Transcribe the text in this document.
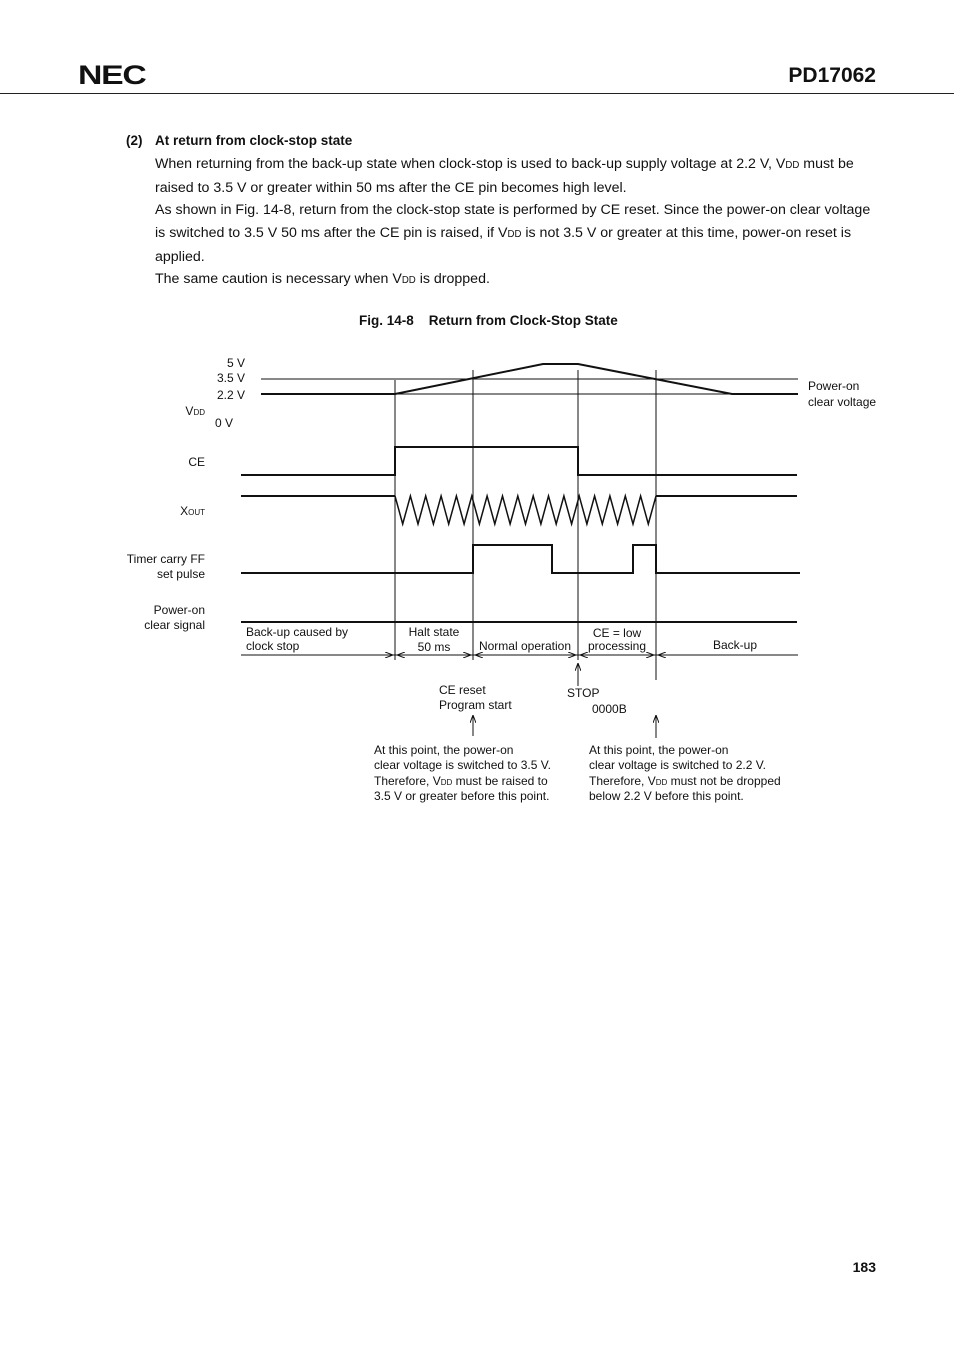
NEC	PD17062
(2) At return from clock-stop state

When returning from the back-up state when clock-stop is used to back-up supply voltage at 2.2 V, VDD must be raised to 3.5 V or greater within 50 ms after the CE pin becomes high level.

As shown in Fig. 14-8, return from the clock-stop state is performed by CE reset. Since the power-on clear voltage is switched to 3.5 V 50 ms after the CE pin is raised, if VDD is not 3.5 V or greater at this time, power-on reset is applied.

The same caution is necessary when VDD is dropped.

Fig. 14-8    Return from Clock-Stop State
5 V
3.5 V
2.2 V
0 V
VDD
CE
XOUT
Timer carry FF
set pulse
Power-on
clear signal
Power-on
clear voltage
Back-up caused by
clock stop
Halt state
50 ms Normal operation
CE = low
processing	Back-up
CE reset
Program start
STOP
0000B
At this point, the power-on
clear voltage is switched to 3.5 V.
Therefore, VDD must be raised to
3.5 V or greater before this point.
At this point, the power-on
clear voltage is switched to 2.2 V.
Therefore, VDD must not be dropped
below 2.2 V before this point.
183
